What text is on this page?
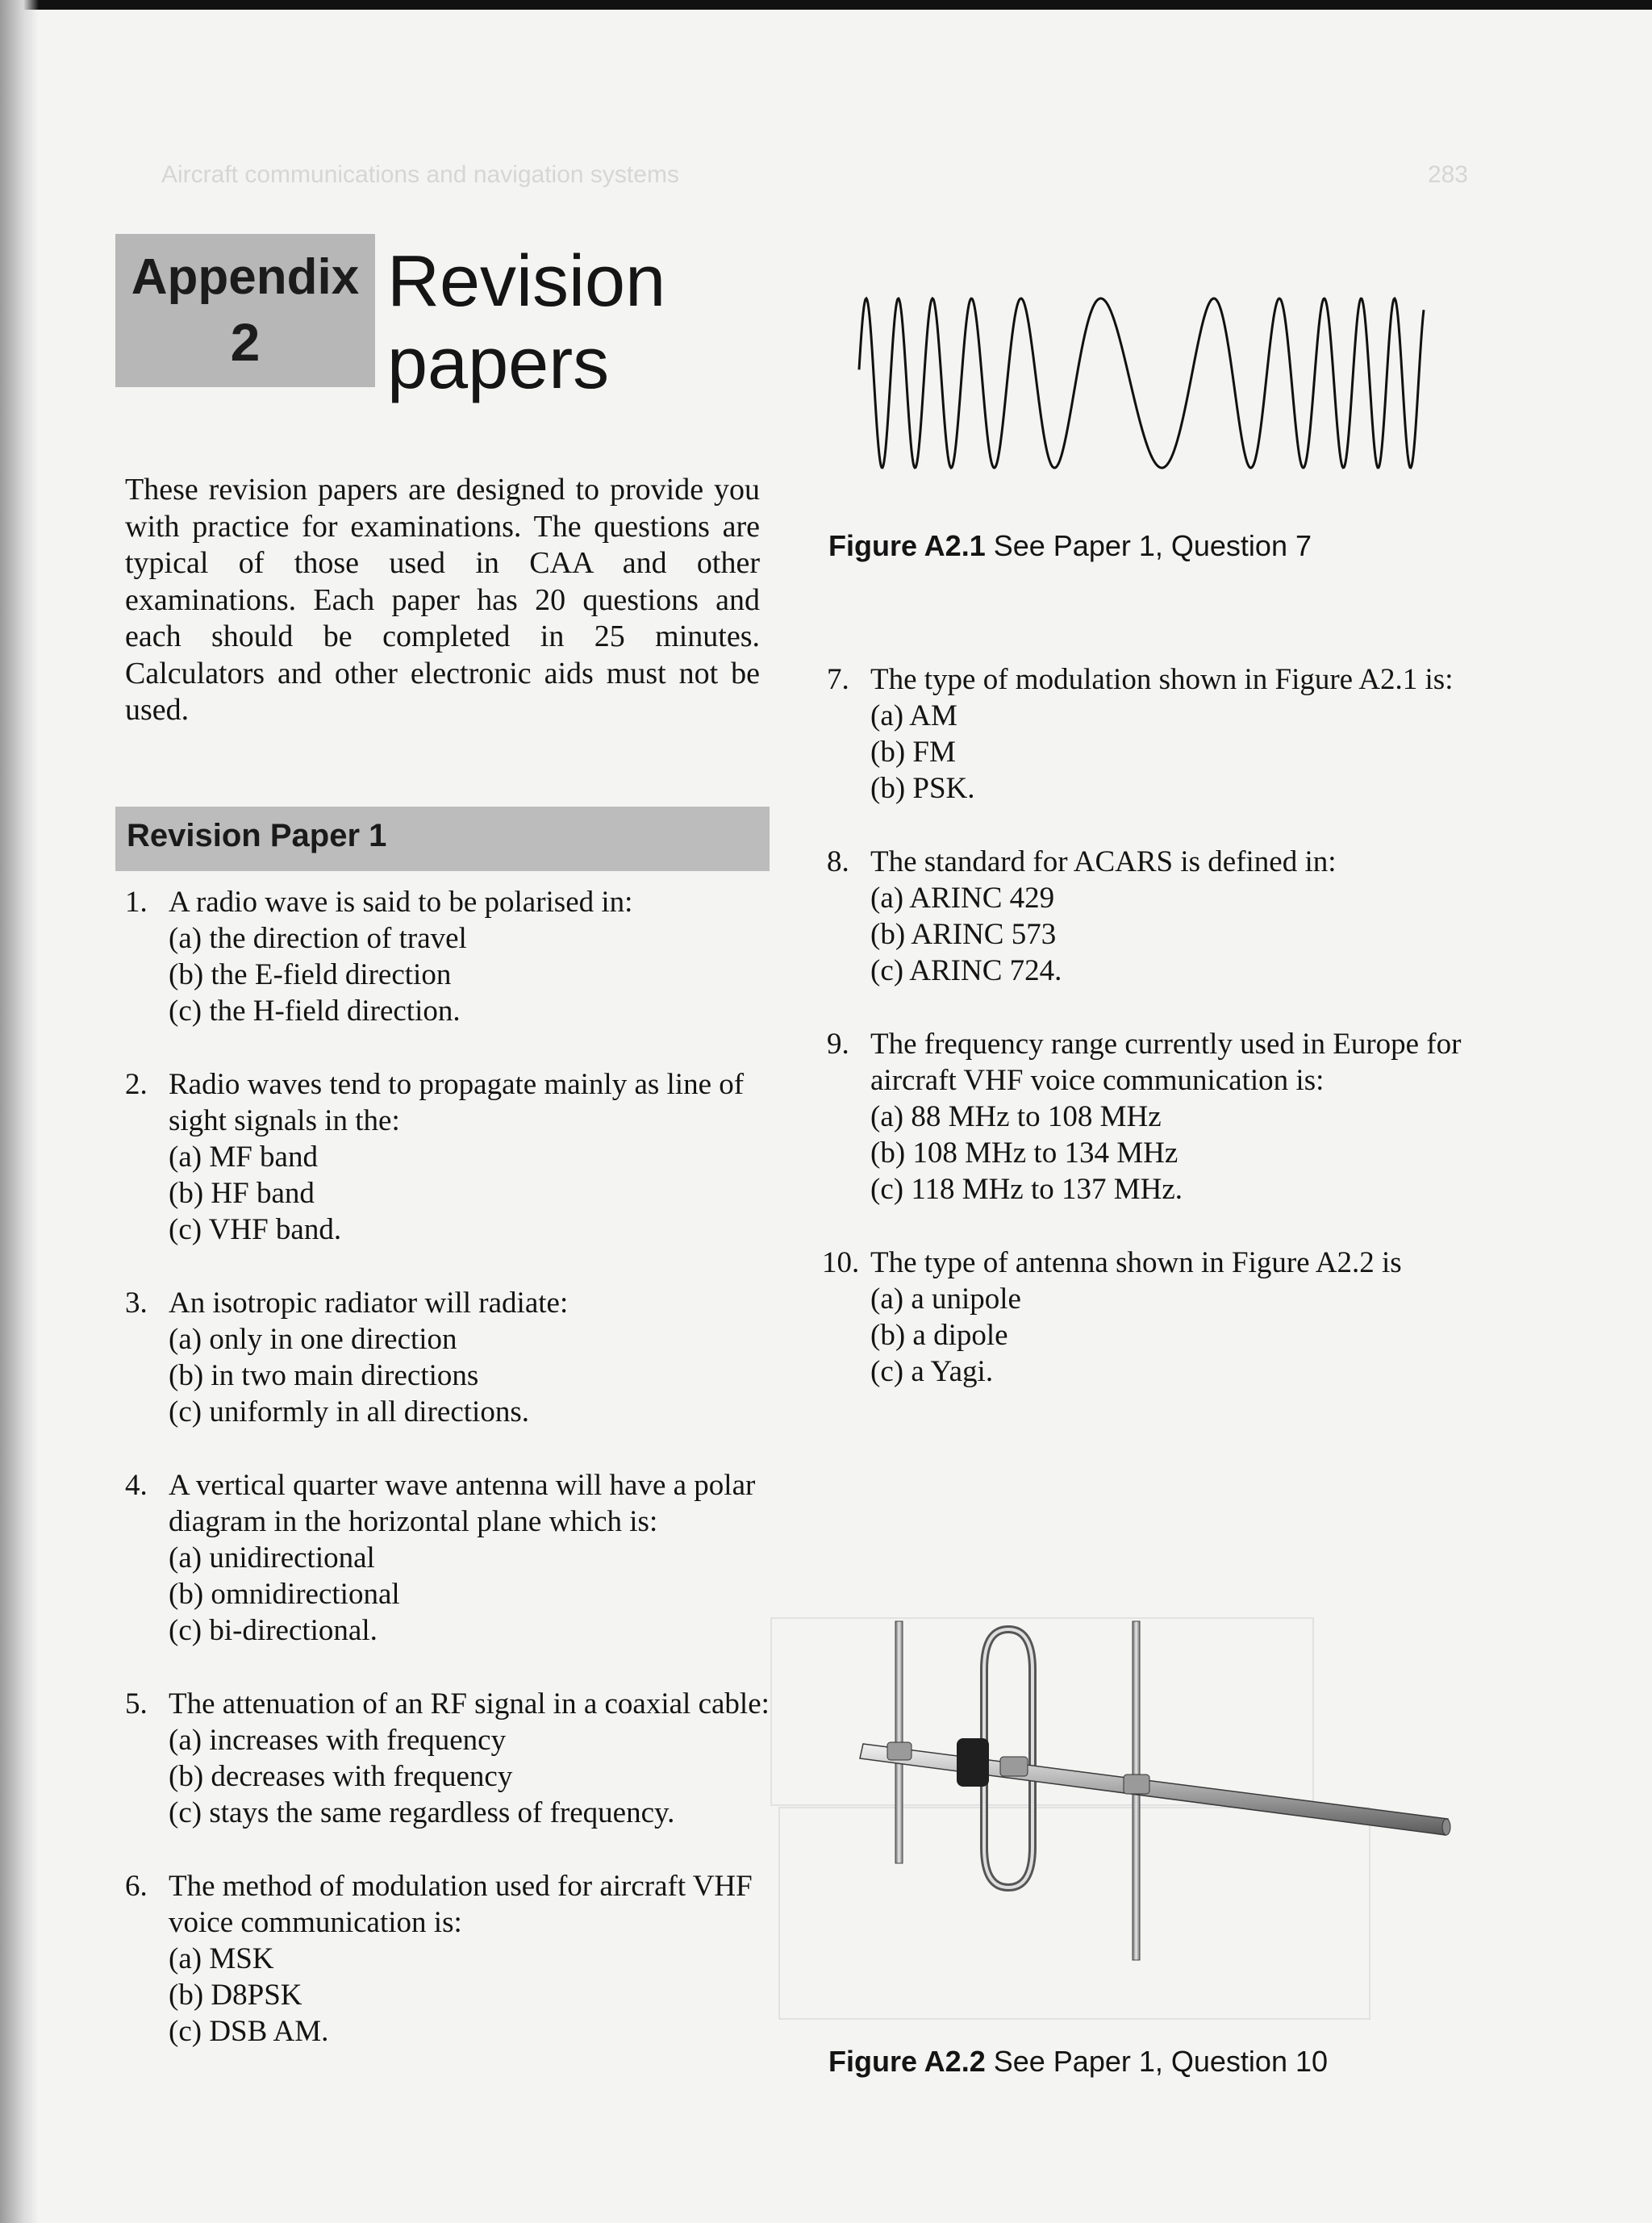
Aircraft communications and navigation systems	283
Appendix
2
Revision
papers
These revision papers are designed to provide you with practice for examinations. The questions are typical of those used in CAA and other examinations. Each paper has 20 questions and each should be completed in 25 minutes. Calculators and other electronic aids must not be used.
Revision Paper 1
1. A radio wave is said to be polarised in:
(a) the direction of travel
(b) the E-field direction
(c) the H-field direction.
2. Radio waves tend to propagate mainly as line of sight signals in the:
(a) MF band
(b) HF band
(c) VHF band.
3. An isotropic radiator will radiate:
(a) only in one direction
(b) in two main directions
(c) uniformly in all directions.
4. A vertical quarter wave antenna will have a polar diagram in the horizontal plane which is:
(a) unidirectional
(b) omnidirectional
(c) bi-directional.
5. The attenuation of an RF signal in a coaxial cable:
(a) increases with frequency
(b) decreases with frequency
(c) stays the same regardless of frequency.
6. The method of modulation used for aircraft VHF voice communication is:
(a) MSK
(b) D8PSK
(c) DSB AM.
Figure A2.1 See Paper 1, Question 7
7. The type of modulation shown in Figure A2.1 is:
(a) AM
(b) FM
(b) PSK.
8. The standard for ACARS is defined in:
(a) ARINC 429
(b) ARINC 573
(c) ARINC 724.
9. The frequency range currently used in Europe for aircraft VHF voice communication is:
(a) 88 MHz to 108 MHz
(b) 108 MHz to 134 MHz
(c) 118 MHz to 137 MHz.
10. The type of antenna shown in Figure A2.2 is
(a) a unipole
(b) a dipole
(c) a Yagi.
Figure A2.2 See Paper 1, Question 10
